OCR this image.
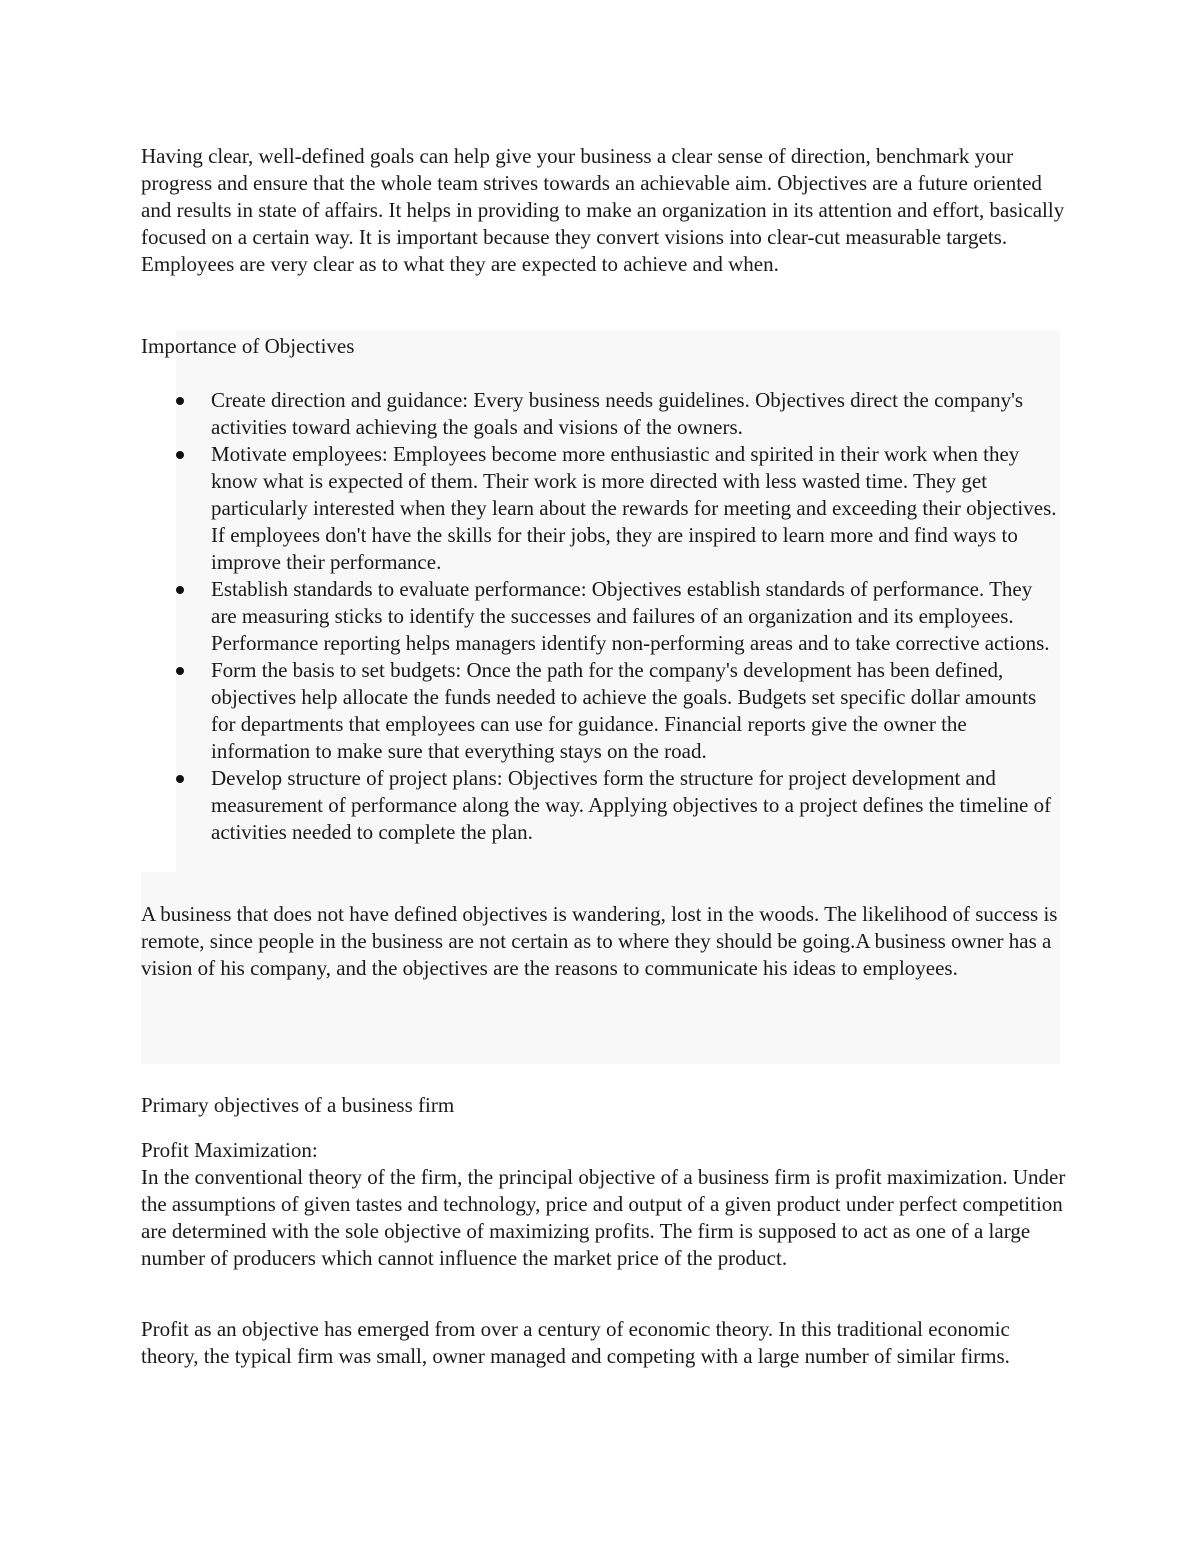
Having clear, well-defined goals can help give your business a clear sense of direction, benchmark your progress and ensure that the whole team strives towards an achievable aim. Objectives are a future oriented and results in state of affairs. It helps in providing to make an organization in its attention and effort, basically focused on a certain way. It is important because they convert visions into clear-cut measurable targets. Employees are very clear as to what they are expected to achieve and when.

Importance of Objectives

Create direction and guidance: Every business needs guidelines. Objectives direct the company's activities toward achieving the goals and visions of the owners.
Motivate employees: Employees become more enthusiastic and spirited in their work when they know what is expected of them. Their work is more directed with less wasted time. They get particularly interested when they learn about the rewards for meeting and exceeding their objectives. If employees don't have the skills for their jobs, they are inspired to learn more and find ways to improve their performance.
Establish standards to evaluate performance: Objectives establish standards of performance. They are measuring sticks to identify the successes and failures of an organization and its employees. Performance reporting helps managers identify non-performing areas and to take corrective actions.
Form the basis to set budgets: Once the path for the company's development has been defined, objectives help allocate the funds needed to achieve the goals. Budgets set specific dollar amounts for departments that employees can use for guidance. Financial reports give the owner the information to make sure that everything stays on the road.
Develop structure of project plans: Objectives form the structure for project development and measurement of performance along the way. Applying objectives to a project defines the timeline of activities needed to complete the plan.

A business that does not have defined objectives is wandering, lost in the woods. The likelihood of success is remote, since people in the business are not certain as to where they should be going.A business owner has a vision of his company, and the objectives are the reasons to communicate his ideas to employees.

Primary objectives of a business firm

Profit Maximization:

In the conventional theory of the firm, the principal objective of a business firm is profit maximization. Under the assumptions of given tastes and technology, price and output of a given product under perfect competition are determined with the sole objective of maximizing profits. The firm is supposed to act as one of a large number of producers which cannot influence the market price of the product.

Profit as an objective has emerged from over a century of economic theory. In this traditional economic theory, the typical firm was small, owner managed and competing with a large number of similar firms.
